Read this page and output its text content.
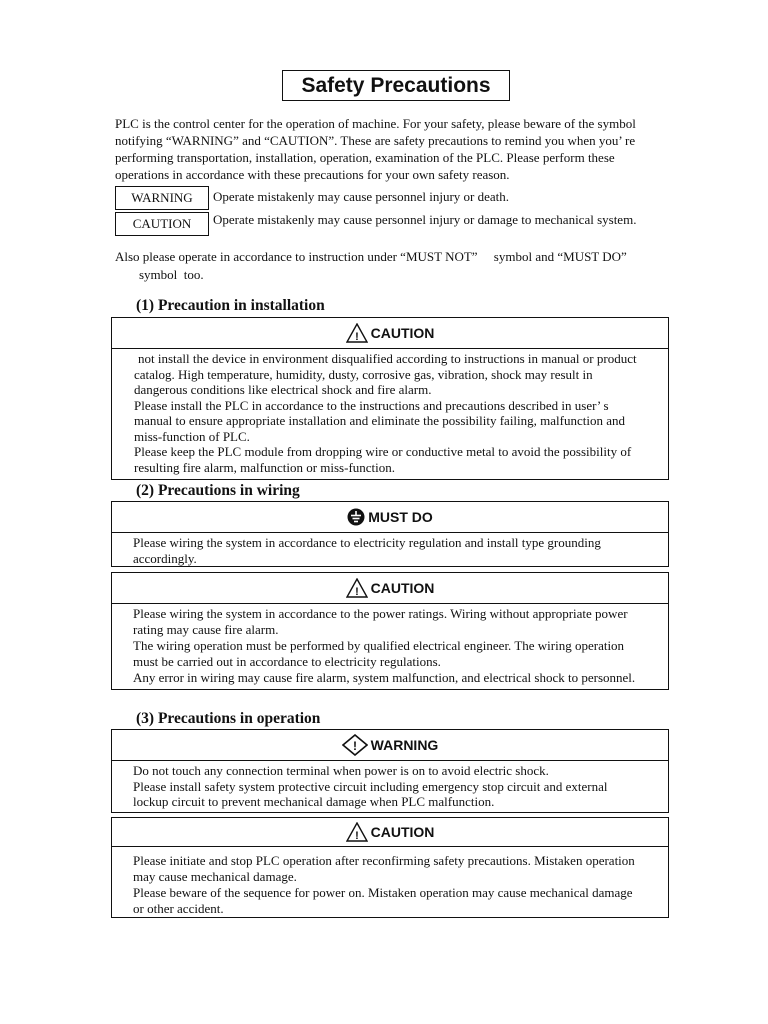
Safety Precautions
PLC is the control center for the operation of machine. For your safety, please beware of the symbol notifying “WARNING” and “CAUTION”. These are safety precautions to remind you when you’ re performing transportation, installation, operation, examination of the PLC. Please perform these operations in accordance with these precautions for your own safety reason.
WARNING	Operate mistakenly may cause personnel injury or death.
CAUTION	Operate mistakenly may cause personnel injury or damage to mechanical system.
Also please operate in accordance to instruction under “MUST NOT”     symbol and “MUST DO”
symbol  too.
(1) Precaution in installation
! CAUTION

not install the device in environment disqualified according to instructions in manual or product

catalog. High temperature, humidity, dusty, corrosive gas, vibration, shock may result in

dangerous conditions like electrical shock and fire alarm.

Please install the PLC in accordance to the instructions and precautions described in user’ s

manual to ensure appropriate installation and eliminate the possibility failing, malfunction and

miss-function of PLC.

Please keep the PLC module from dropping wire or conductive metal to avoid the possibility of

resulting fire alarm, malfunction or miss-function.

(2) Precautions in wiring
MUST DO

Please wiring the system in accordance to electricity regulation and install type grounding

accordingly.

! CAUTION

Please wiring the system in accordance to the power ratings. Wiring without appropriate power

rating may cause fire alarm.

The wiring operation must be performed by qualified electrical engineer. The wiring operation

must be carried out in accordance to electricity regulations.

Any error in wiring may cause fire alarm, system malfunction, and electrical shock to personnel.

(3) Precautions in operation
! WARNING

Do not touch any connection terminal when power is on to avoid electric shock.

Please install safety system protective circuit including emergency stop circuit and external

lockup circuit to prevent mechanical damage when PLC malfunction.

! CAUTION

Please initiate and stop PLC operation after reconfirming safety precautions. Mistaken operation

may cause mechanical damage.

Please beware of the sequence for power on. Mistaken operation may cause mechanical damage

or other accident.
